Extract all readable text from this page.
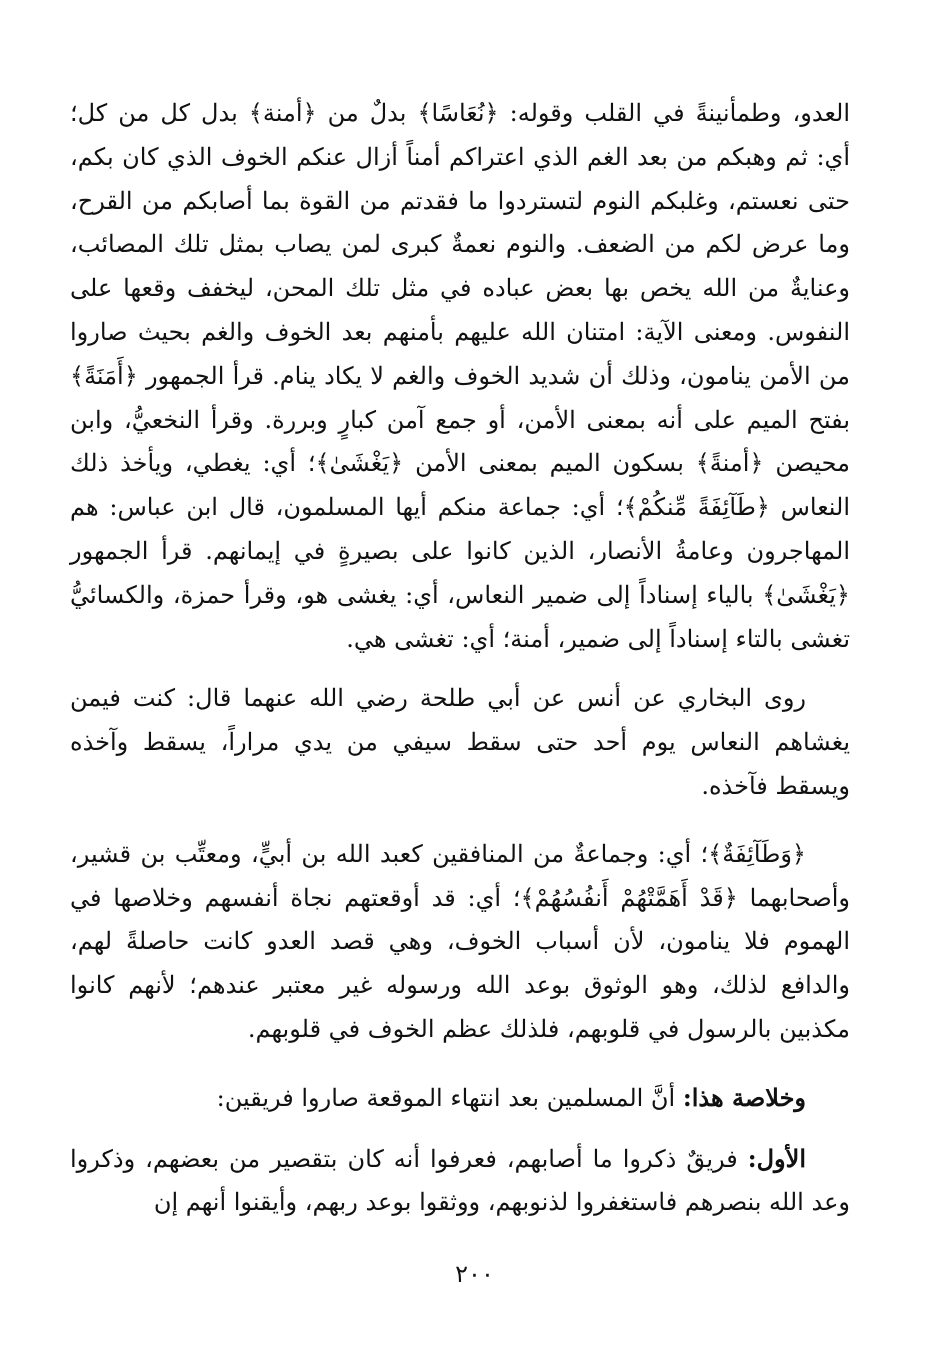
العدو، وطمأنينةً في القلب وقوله: ﴿نُعَاسًا﴾ بدلٌ من ﴿أمنة﴾ بدل كل من كل؛ أي: ثم وهبكم من بعد الغم الذي اعتراكم أمناً أزال عنكم الخوف الذي كان بكم، حتى نعستم، وغلبكم النوم لتستردوا ما فقدتم من القوة بما أصابكم من القرح، وما عرض لكم من الضعف. والنوم نعمةٌ كبرى لمن يصاب بمثل تلك المصائب، وعنايةٌ من الله يخص بها بعض عباده في مثل تلك المحن، ليخفف وقعها على النفوس. ومعنى الآية: امتنان الله عليهم بأمنهم بعد الخوف والغم بحيث صاروا من الأمن ينامون، وذلك أن شديد الخوف والغم لا يكاد ينام. قرأ الجمهور ﴿أَمَنَةً﴾ بفتح الميم على أنه بمعنى الأمن، أو جمع آمن كبارٍ وبررة. وقرأ النخعيُّ، وابن محيصن ﴿أمنةً﴾ بسكون الميم بمعنى الأمن ﴿يَغْشَىٰ﴾؛ أي: يغطي، ويأخذ ذلك النعاس ﴿طَآئِفَةً مِّنكُمْ﴾؛ أي: جماعة منكم أيها المسلمون، قال ابن عباس: هم المهاجرون وعامةُ الأنصار، الذين كانوا على بصيرةٍ في إيمانهم. قرأ الجمهور ﴿يَغْشَىٰ﴾ بالياء إسناداً إلى ضمير النعاس، أي: يغشى هو، وقرأ حمزة، والكسائيُّ تغشى بالتاء إسناداً إلى ضمير، أمنة؛ أي: تغشى هي.

روى البخاري عن أنس عن أبي طلحة رضي الله عنهما قال: كنت فيمن يغشاهم النعاس يوم أحد حتى سقط سيفي من يدي مراراً، يسقط وآخذه ويسقط فآخذه.

﴿وَطَآئِفَةٌ﴾؛ أي: وجماعةٌ من المنافقين كعبد الله بن أبيٍّ، ومعتِّب بن قشير، وأصحابهما ﴿قَدْ أَهَمَّتْهُمْ أَنفُسُهُمْ﴾؛ أي: قد أوقعتهم نجاة أنفسهم وخلاصها في الهموم فلا ينامون، لأن أسباب الخوف، وهي قصد العدو كانت حاصلةً لهم، والدافع لذلك، وهو الوثوق بوعد الله ورسوله غير معتبر عندهم؛ لأنهم كانوا مكذبين بالرسول في قلوبهم، فلذلك عظم الخوف في قلوبهم.

وخلاصة هذا: أنَّ المسلمين بعد انتهاء الموقعة صاروا فريقين:

الأول: فريقٌ ذكروا ما أصابهم، فعرفوا أنه كان بتقصير من بعضهم، وذكروا وعد الله بنصرهم فاستغفروا لذنوبهم، ووثقوا بوعد ربهم، وأيقنوا أنهم إن

٢٠٠
